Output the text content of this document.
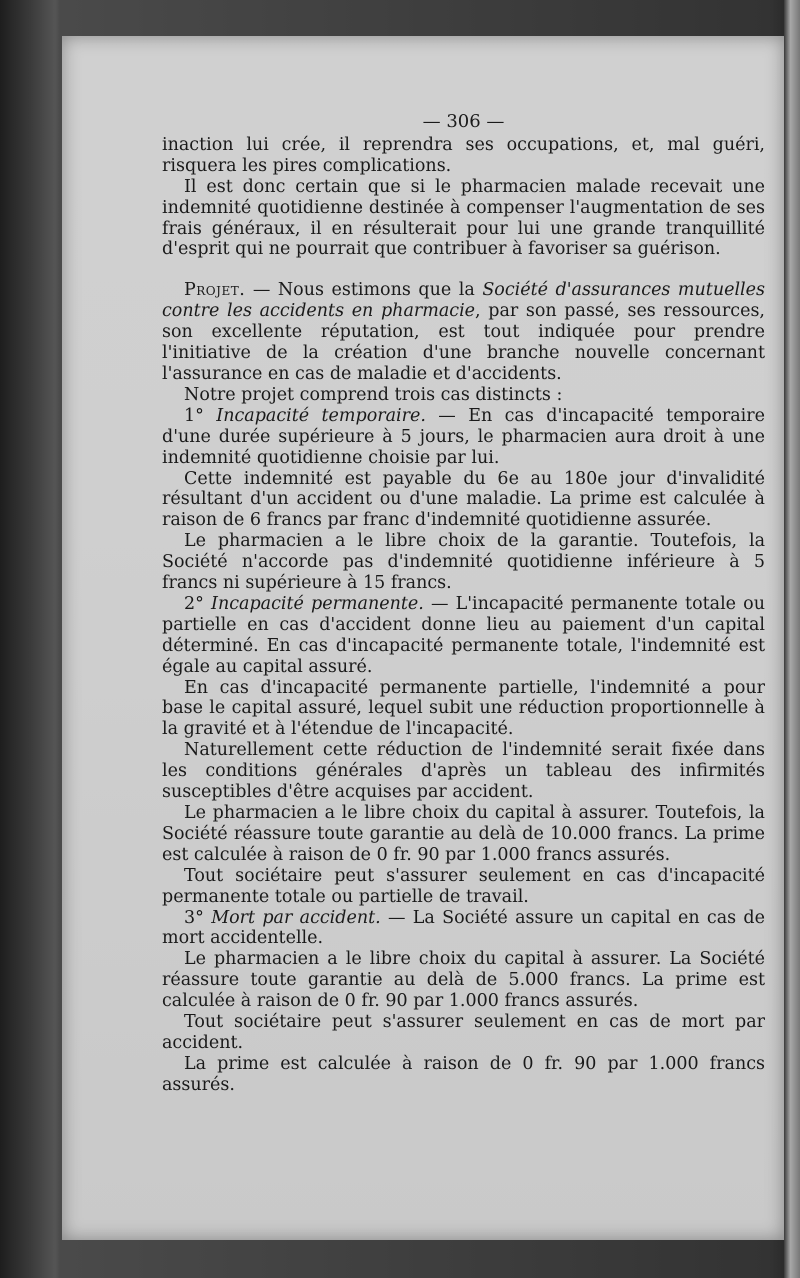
— 306 —

inaction lui crée, il reprendra ses occupations, et, mal guéri, risquera les pires complications.

Il est donc certain que si le pharmacien malade recevait une indemnité quotidienne destinée à compenser l'augmentation de ses frais généraux, il en résulterait pour lui une grande tranquillité d'esprit qui ne pourrait que contribuer à favoriser sa guérison.

Projet. — Nous estimons que la Société d'assurances mutuelles contre les accidents en pharmacie, par son passé, ses ressources, son excellente réputation, est tout indiquée pour prendre l'initiative de la création d'une branche nouvelle concernant l'assurance en cas de maladie et d'accidents.

Notre projet comprend trois cas distincts :

1° Incapacité temporaire. — En cas d'incapacité temporaire d'une durée supérieure à 5 jours, le pharmacien aura droit à une indemnité quotidienne choisie par lui.

Cette indemnité est payable du 6e au 180e jour d'invalidité résultant d'un accident ou d'une maladie. La prime est calculée à raison de 6 francs par franc d'indemnité quotidienne assurée.

Le pharmacien a le libre choix de la garantie. Toutefois, la Société n'accorde pas d'indemnité quotidienne inférieure à 5 francs ni supérieure à 15 francs.

2° Incapacité permanente. — L'incapacité permanente totale ou partielle en cas d'accident donne lieu au paiement d'un capital déterminé. En cas d'incapacité permanente totale, l'indemnité est égale au capital assuré.

En cas d'incapacité permanente partielle, l'indemnité a pour base le capital assuré, lequel subit une réduction proportionnelle à la gravité et à l'étendue de l'incapacité.

Naturellement cette réduction de l'indemnité serait fixée dans les conditions générales d'après un tableau des infirmités susceptibles d'être acquises par accident.

Le pharmacien a le libre choix du capital à assurer. Toutefois, la Société réassure toute garantie au delà de 10.000 francs. La prime est calculée à raison de 0 fr. 90 par 1.000 francs assurés.

Tout sociétaire peut s'assurer seulement en cas d'incapacité permanente totale ou partielle de travail.

3° Mort par accident. — La Société assure un capital en cas de mort accidentelle.

Le pharmacien a le libre choix du capital à assurer. La Société réassure toute garantie au delà de 5.000 francs. La prime est calculée à raison de 0 fr. 90 par 1.000 francs assurés.

Tout sociétaire peut s'assurer seulement en cas de mort par accident.

La prime est calculée à raison de 0 fr. 90 par 1.000 francs assurés.
